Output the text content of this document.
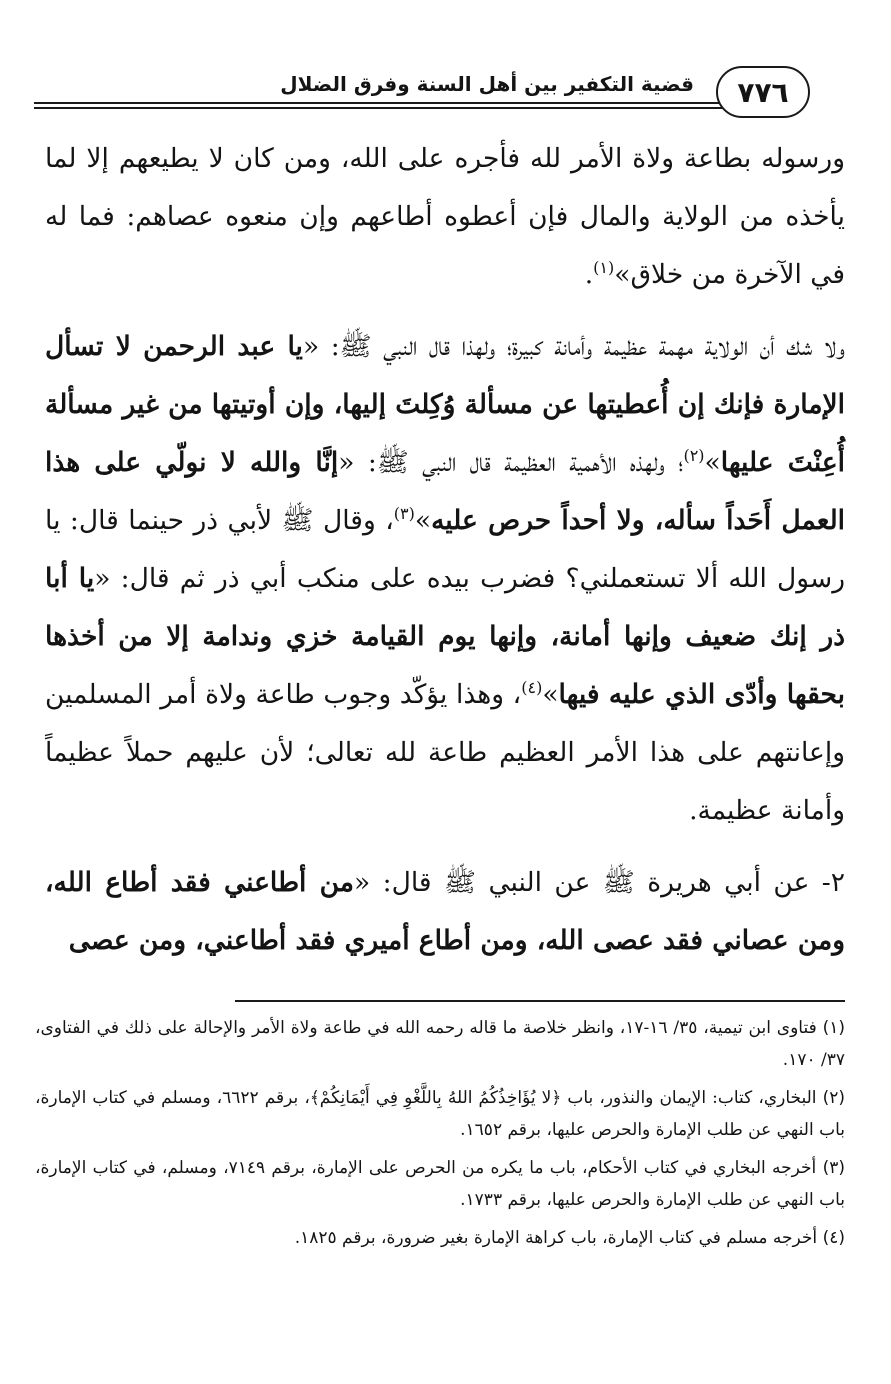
٧٧٦
قضية التكفير بين أهل السنة وفرق الضلال

ورسوله بطاعة ولاة الأمر لله فأجره على الله، ومن كان لا يطيعهم إلا لما يأخذه من الولاية والمال فإن أعطوه أطاعهم وإن منعوه عصاهم: فما له في الآخرة من خلاق»$^{(١)}$.

ولا شك أن الولاية مهمة عظيمة وأمانة كبيرة؛ ولهذا قال النبي ﷺ: «يا عبد الرحمن لا تسأل الإمارة فإنك إن أُعطيتها عن مسألة وُكِلتَ إليها، وإن أوتيتها من غير مسألة أُعِنْتَ عليها»$^{(٢)}$؛ ولهذه الأهمية العظيمة قال النبي ﷺ: «إنَّا والله لا نولّي على هذا العمل أَحَداً سأله، ولا أحداً حرص عليه»$^{(٣)}$، وقال ﷺ لأبي ذر حينما قال: يا رسول الله ألا تستعملني؟ فضرب بيده على منكب أبي ذر ثم قال: «يا أبا ذر إنك ضعيف وإنها أمانة، وإنها يوم القيامة خزي وندامة إلا من أخذها بحقها وأدّى الذي عليه فيها»$^{(٤)}$، وهذا يؤكّد وجوب طاعة ولاة أمر المسلمين وإعانتهم على هذا الأمر العظيم طاعة لله تعالى؛ لأن عليهم حملاً عظيماً وأمانة عظيمة.

٢- عن أبي هريرة ﷺ عن النبي ﷺ قال: «من أطاعني فقد أطاع الله، ومن عصاني فقد عصى الله، ومن أطاع أميري فقد أطاعني، ومن عصى

(١) فتاوى ابن تيمية، ٣٥/ ١٦-١٧، وانظر خلاصة ما قاله رحمه الله في طاعة ولاة الأمر والإحالة على ذلك في الفتاوى، ٣٧/ ١٧٠.

(٢) البخاري، كتاب: الإيمان والنذور، باب ﴿لا يُؤَاخِذُكُمُ اللهُ بِاللَّغْوِ فِي أَيْمَانِكُمْ﴾، برقم ٦٦٢٢، ومسلم في كتاب الإمارة، باب النهي عن طلب الإمارة والحرص عليها، برقم ١٦٥٢.

(٣) أخرجه البخاري في كتاب الأحكام، باب ما يكره من الحرص على الإمارة، برقم ٧١٤٩، ومسلم، في كتاب الإمارة، باب النهي عن طلب الإمارة والحرص عليها، برقم ١٧٣٣.

(٤) أخرجه مسلم في كتاب الإمارة، باب كراهة الإمارة بغير ضرورة، برقم ١٨٢٥.
